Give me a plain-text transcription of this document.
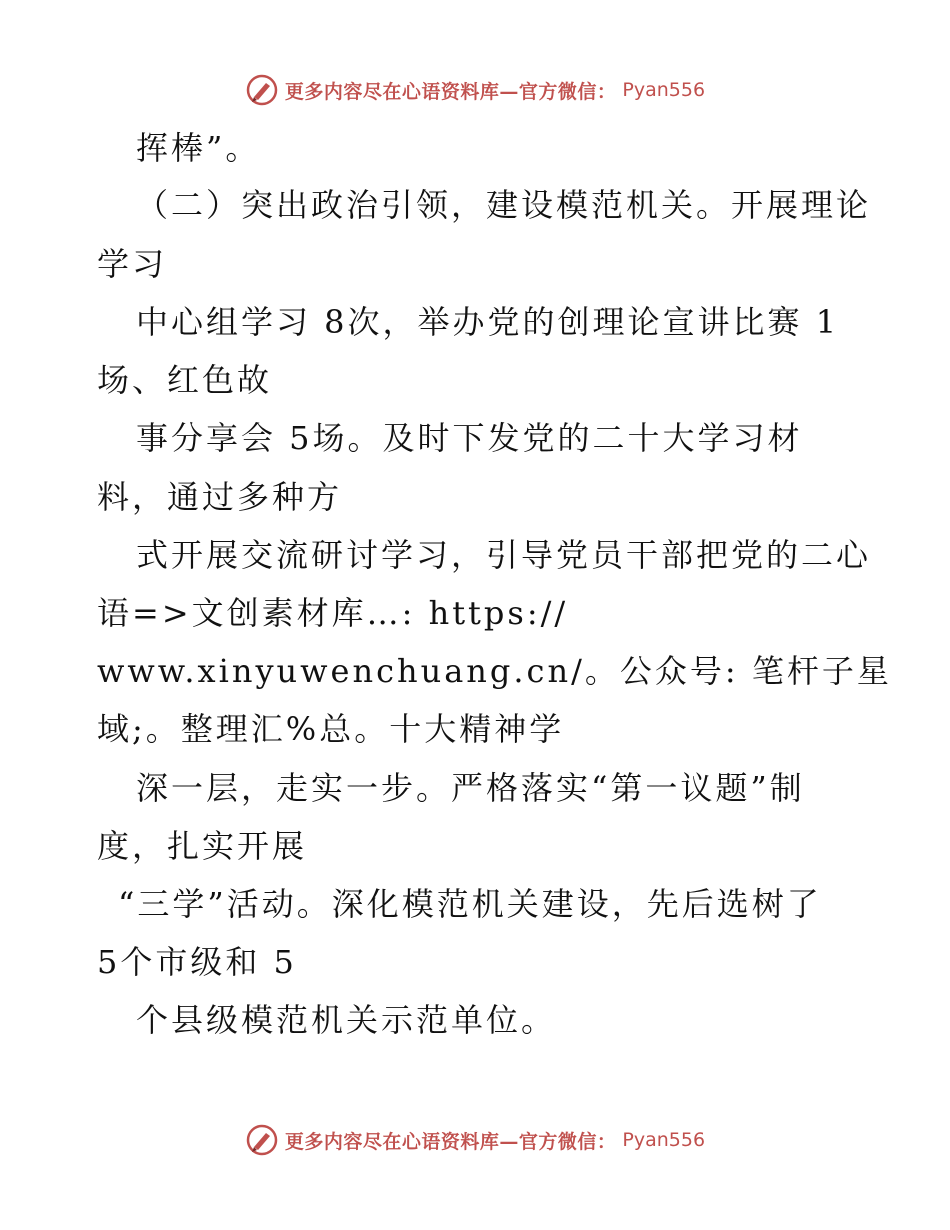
更多内容尽在心语资料库—官方微信： Pyan556
挥棒”。
（二）突出政治引领，建设模范机关。开展理论
学习
中心组学习 8次，举办党的创理论宣讲比赛 1
场、红色故
事分享会 5场。及时下发党的二十大学习材
料，通过多种方
式开展交流研讨学习，引导党员干部把党的二心
语=>文创素材库…: https://
www.xinyuwenchuang.cn/。公众号: 笔杆子星
域;。整理汇%总。十大精神学
深一层，走实一步。严格落实“第一议题”制
度，扎实开展
“三学”活动。深化模范机关建设，先后选树了
5个市级和 5
个县级模范机关示范单位。
更多内容尽在心语资料库—官方微信： Pyan556
